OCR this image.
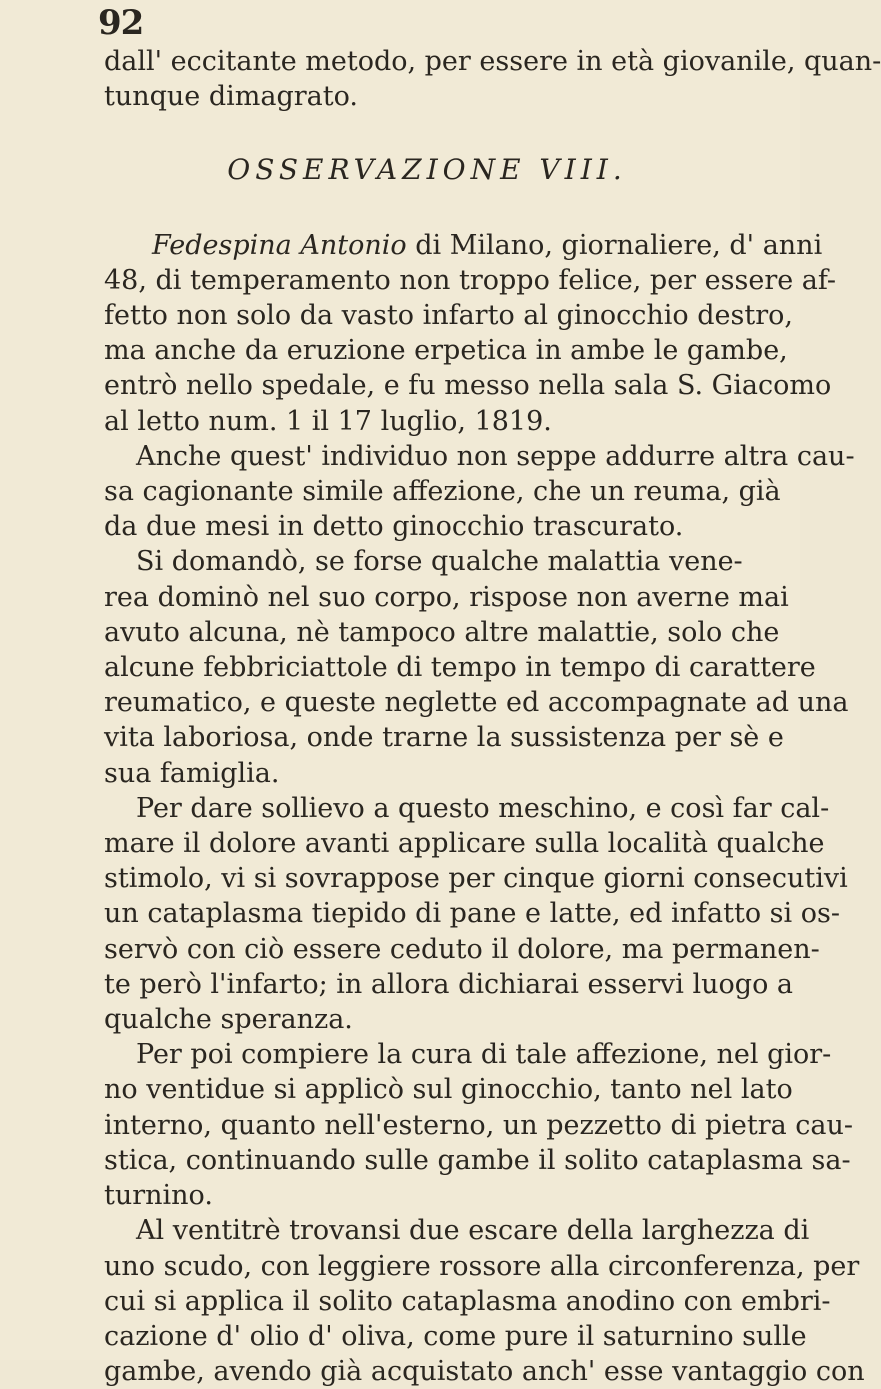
92
dall' eccitante metodo, per essere in età giovanile, quan-
tunque dimagrato.
OSSERVAZIONE VIII.
Fedespina Antonio di Milano, giornaliere, d' anni
48, di temperamento non troppo felice, per essere af-
fetto non solo da vasto infarto al ginocchio destro,
ma anche da eruzione erpetica in ambe le gambe,
entrò nello spedale, e fu messo nella sala S. Giacomo
al letto num. 1 il 17 luglio, 1819.
Anche quest' individuo non seppe addurre altra cau-
sa cagionante simile affezione, che un reuma, già
da due mesi in detto ginocchio trascurato.
Si domandò, se forse qualche malattia vene-
rea dominò nel suo corpo, rispose non averne mai
avuto alcuna, nè tampoco altre malattie, solo che
alcune febbriciattole di tempo in tempo di carattere
reumatico, e queste neglette ed accompagnate ad una
vita laboriosa, onde trarne la sussistenza per sè e
sua famiglia.
Per dare sollievo a questo meschino, e così far cal-
mare il dolore avanti applicare sulla località qualche
stimolo, vi si sovrappose per cinque giorni consecutivi
un cataplasma tiepido di pane e latte, ed infatto si os-
servò con ciò essere ceduto il dolore, ma permanen-
te però l'infarto; in allora dichiarai esservi luogo a
qualche speranza.
Per poi compiere la cura di tale affezione, nel gior-
no ventidue si applicò sul ginocchio, tanto nel lato
interno, quanto nell'esterno, un pezzetto di pietra cau-
stica, continuando sulle gambe il solito cataplasma sa-
turnino.
Al ventitrè trovansi due escare della larghezza di
uno scudo, con leggiere rossore alla circonferenza, per
cui si applica il solito cataplasma anodino con embri-
cazione d' olio d' oliva, come pure il saturnino sulle
gambe, avendo già acquistato anch' esse vantaggio con
